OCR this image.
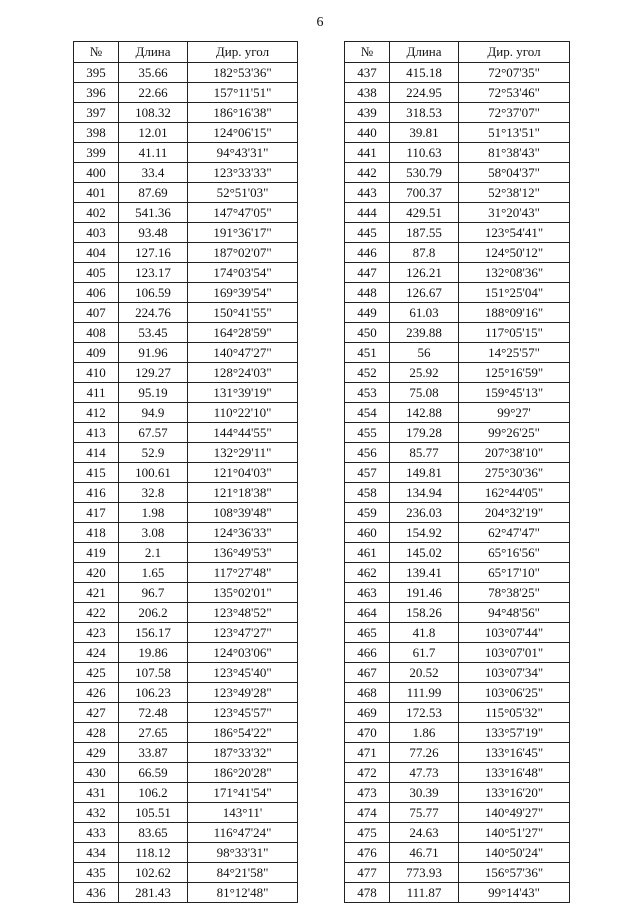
6
№	Длина	Дир. угол
395	35.66	182°53'36"
396	22.66	157°11'51"
397	108.32	186°16'38"
398	12.01	124°06'15"
399	41.11	94°43'31"
400	33.4	123°33'33"
401	87.69	52°51'03"
402	541.36	147°47'05"
403	93.48	191°36'17"
404	127.16	187°02'07"
405	123.17	174°03'54"
406	106.59	169°39'54"
407	224.76	150°41'55"
408	53.45	164°28'59"
409	91.96	140°47'27"
410	129.27	128°24'03"
411	95.19	131°39'19"
412	94.9	110°22'10"
413	67.57	144°44'55"
414	52.9	132°29'11"
415	100.61	121°04'03"
416	32.8	121°18'38"
417	1.98	108°39'48"
418	3.08	124°36'33"
419	2.1	136°49'53"
420	1.65	117°27'48"
421	96.7	135°02'01"
422	206.2	123°48'52"
423	156.17	123°47'27"
424	19.86	124°03'06"
425	107.58	123°45'40"
426	106.23	123°49'28"
427	72.48	123°45'57"
428	27.65	186°54'22"
429	33.87	187°33'32"
430	66.59	186°20'28"
431	106.2	171°41'54"
432	105.51	143°11'
433	83.65	116°47'24"
434	118.12	98°33'31"
435	102.62	84°21'58"
436	281.43	81°12'48"
№	Длина	Дир. угол
437	415.18	72°07'35"
438	224.95	72°53'46"
439	318.53	72°37'07"
440	39.81	51°13'51"
441	110.63	81°38'43"
442	530.79	58°04'37"
443	700.37	52°38'12"
444	429.51	31°20'43"
445	187.55	123°54'41"
446	87.8	124°50'12"
447	126.21	132°08'36"
448	126.67	151°25'04"
449	61.03	188°09'16"
450	239.88	117°05'15"
451	56	14°25'57"
452	25.92	125°16'59"
453	75.08	159°45'13"
454	142.88	99°27'
455	179.28	99°26'25"
456	85.77	207°38'10"
457	149.81	275°30'36"
458	134.94	162°44'05"
459	236.03	204°32'19"
460	154.92	62°47'47"
461	145.02	65°16'56"
462	139.41	65°17'10"
463	191.46	78°38'25"
464	158.26	94°48'56"
465	41.8	103°07'44"
466	61.7	103°07'01"
467	20.52	103°07'34"
468	111.99	103°06'25"
469	172.53	115°05'32"
470	1.86	133°57'19"
471	77.26	133°16'45"
472	47.73	133°16'48"
473	30.39	133°16'20"
474	75.77	140°49'27"
475	24.63	140°51'27"
476	46.71	140°50'24"
477	773.93	156°57'36"
478	111.87	99°14'43"
